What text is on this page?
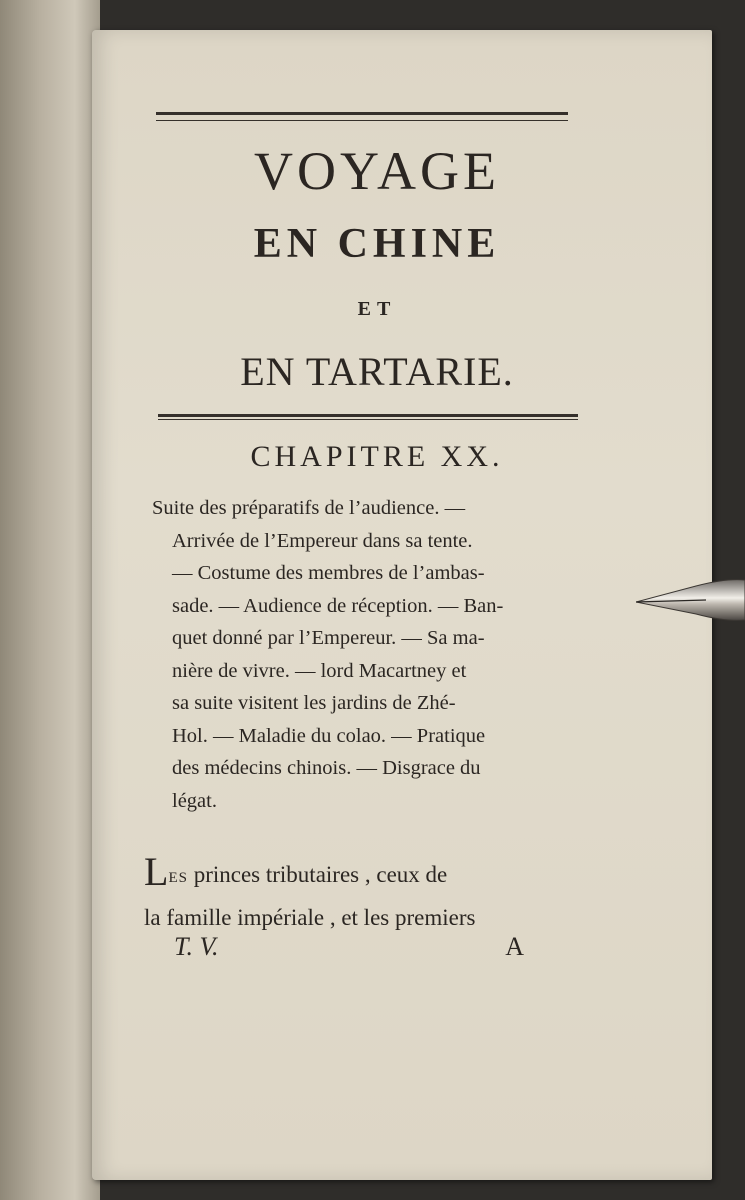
VOYAGE
EN CHINE
ET
EN TARTARIE.
CHAPITRE XX.
Suite des préparatifs de l’audience. —
Arrivée de l’Empereur dans sa tente.
— Costume des membres de l’ambas-
sade. — Audience de réception. — Ban-
quet donné par l’Empereur. — Sa ma-
nière de vivre. — lord Macartney et
sa suite visitent les jardins de Zhé-
Hol. — Maladie du colao. — Pratique
des médecins chinois. — Disgrace du
légat.
LES princes tributaires , ceux de
la famille impériale , et les premiers
T. V.	A
